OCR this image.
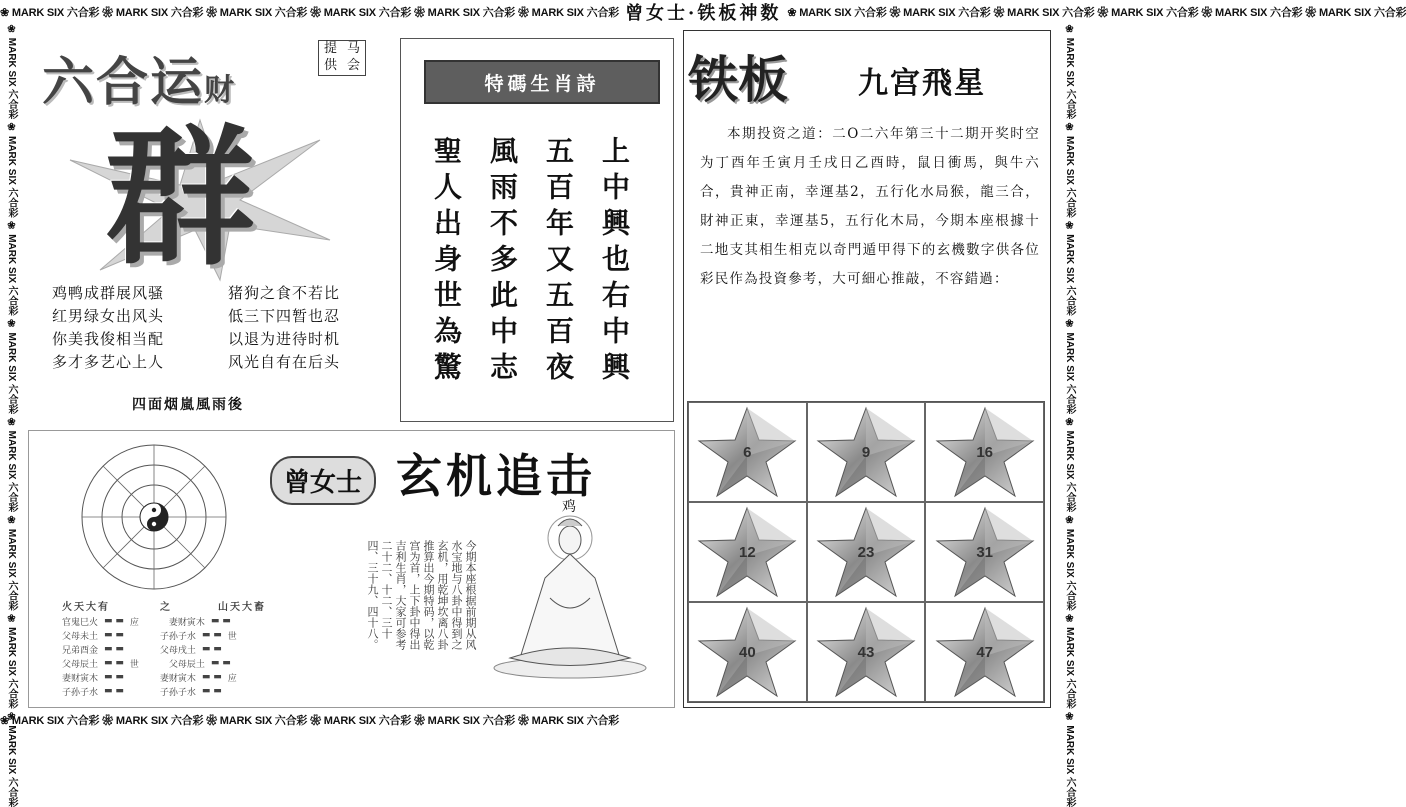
❀ MARK SIX 六合彩 ❀ MARK SIX 六合彩 ❀ MARK SIX 六合彩 ❀ MARK SIX 六合彩 ❀ MARK SIX 六合彩 ❀ MARK SIX 六合彩 曾女士·铁板神数 ❀ MARK SIX 六合彩 ❀ MARK SIX 六合彩 ❀ MARK SIX 六合彩 ❀ MARK SIX 六合彩 ❀ MARK SIX 六合彩 ❀ MARK SIX 六合彩
❀ MARK SIX 六合彩 ❀ MARK SIX 六合彩 ❀ MARK SIX 六合彩 ❀ MARK SIX 六合彩 ❀ MARK SIX 六合彩 ❀ MARK SIX 六合彩
❀ MARK SIX 六合彩 ❀ MARK SIX 六合彩 ❀ MARK SIX 六合彩 ❀ MARK SIX 六合彩 ❀ MARK SIX 六合彩 ❀ MARK SIX 六合彩 ❀ MARK SIX 六合彩 ❀ MARK SIX 六合彩	❀ MARK SIX 六合彩 ❀ MARK SIX 六合彩 ❀ MARK SIX 六合彩 ❀ MARK SIX 六合彩 ❀ MARK SIX 六合彩 ❀ MARK SIX 六合彩 ❀ MARK SIX 六合彩 ❀ MARK SIX 六合彩
六合运财
提 马
供 会
群
鸡鸭成群展风骚
红男绿女出风头
你美我俊相当配
多才多艺心上人
猪狗之食不若比
低三下四暂也忍
以退为进待时机
风光自有在后头
四面烟嵐風雨後
特碼生肖詩
上中興也右中興
五百年又五百夜
風雨不多此中志
聖人出身世為驚
铁板 九宫飛星
本期投资之道：二O二六年第三十二期开奖时空为丁酉年壬寅月壬戌日乙酉時，鼠日衝馬，與牛六合，貴神正南，幸運基2，五行化水局猴，龍三合，財神正東，幸運基5，五行化木局，今期本座根據十二地支其相生相克以奇門遁甲得下的玄機數字供各位彩民作為投資參考，大可細心推敲，不容錯過：
6	9	16
12	23	31
40	43	47
火天大有	之	山天大畜
官鬼巳火 ▬ ▬ 应	妻财寅木 ▬ ▬
父母未土 ▬ ▬	子孙子水 ▬ ▬ 世
兄弟酉金 ▬ ▬	父母戌土 ▬ ▬
父母辰土 ▬ ▬ 世	父母辰土 ▬ ▬
妻财寅木 ▬ ▬	妻财寅木 ▬ ▬ 应
子孙子水 ▬ ▬	子孙子水 ▬ ▬
曾女士 玄机追击
鸡
今期本座根据前期从风水宝地与八卦中得到之玄机，用乾坤坎离八卦推算出今期特码，以乾宫为首，上下卦中得出吉利生肖，大家可参考二十二、十二、三十四、三十九、四十八。
